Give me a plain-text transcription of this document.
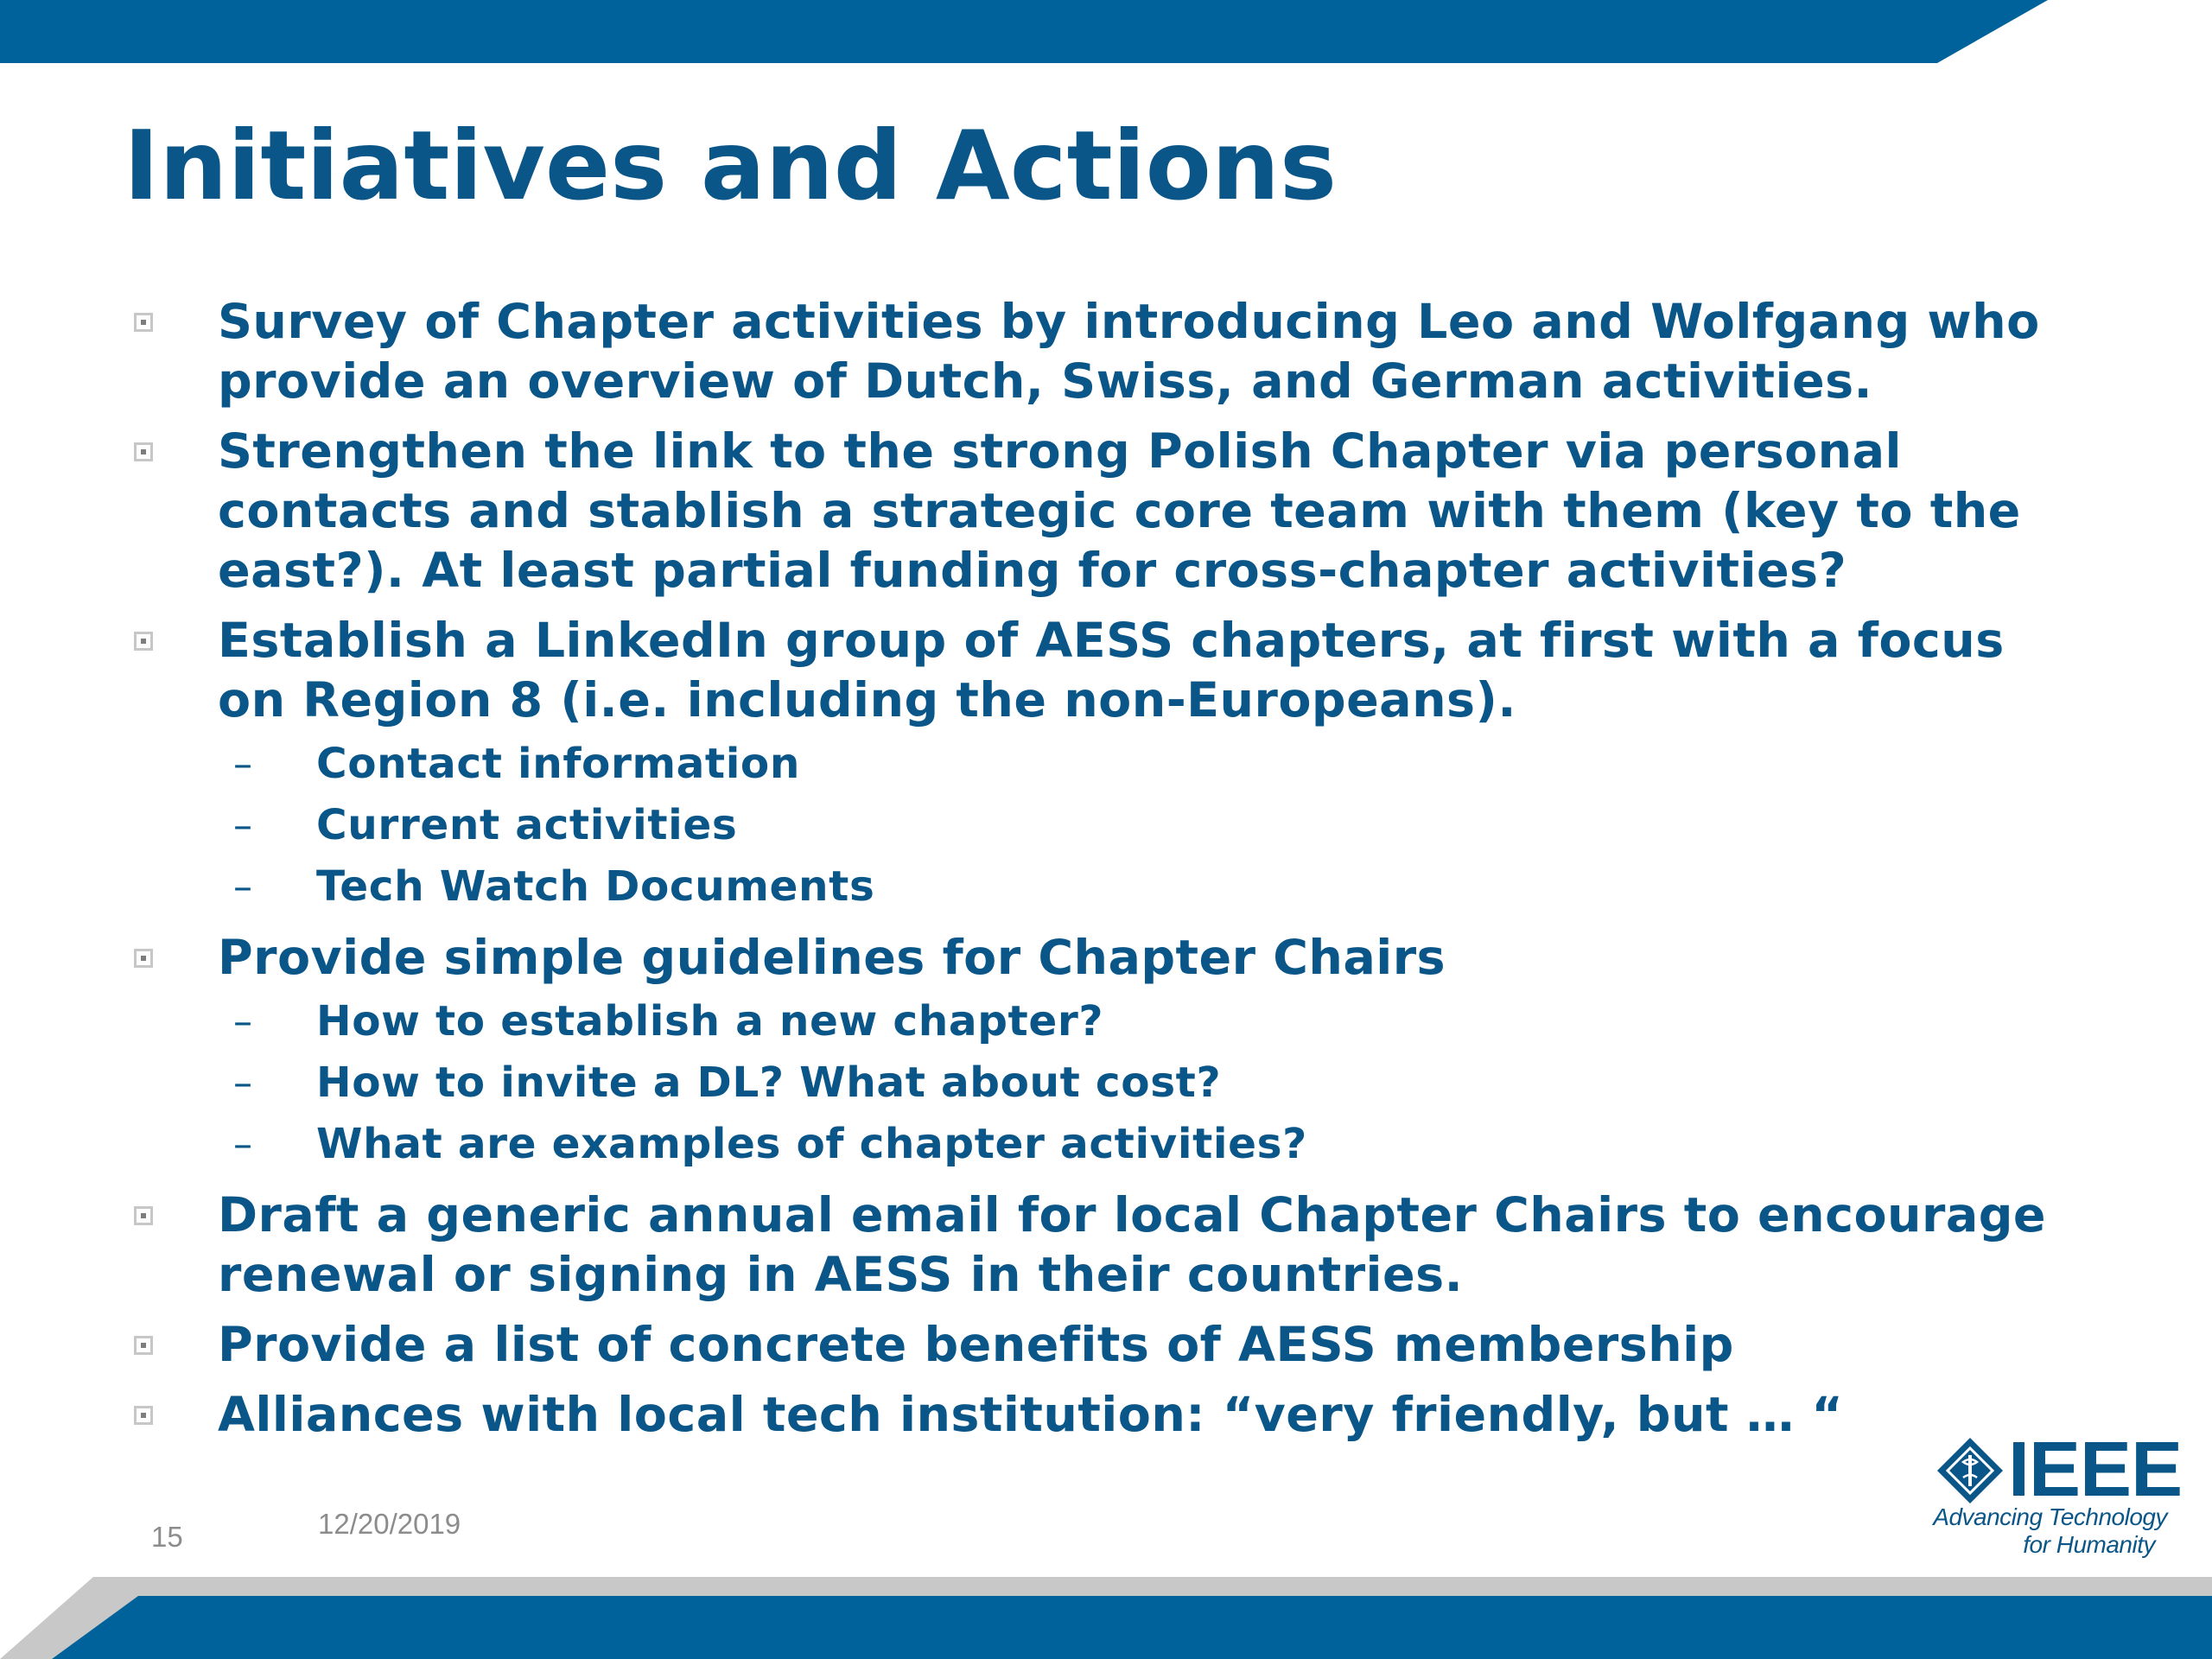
Initiatives and Actions
Survey of Chapter activities by introducing Leo and Wolfgang who provide an overview of Dutch, Swiss, and German activities.
Strengthen the link to the strong Polish Chapter via personal contacts and stablish a strategic core team with them (key to the east?). At least partial funding for cross-chapter activities?
Establish a LinkedIn group of AESS chapters, at first with a focus on Region 8 (i.e. including the non-Europeans).
– Contact information
– Current activities
– Tech Watch Documents
Provide simple guidelines for Chapter Chairs
– How to establish a new chapter?
– How to invite a DL? What about cost?
– What are examples of chapter activities?
Draft a generic annual email for local Chapter Chairs to encourage renewal or signing in AESS in their countries.
Provide a list of concrete benefits of AESS membership
Alliances with local tech institution: “very friendly, but … “
15	12/20/2019
IEEE
Advancing Technology
for Humanity
